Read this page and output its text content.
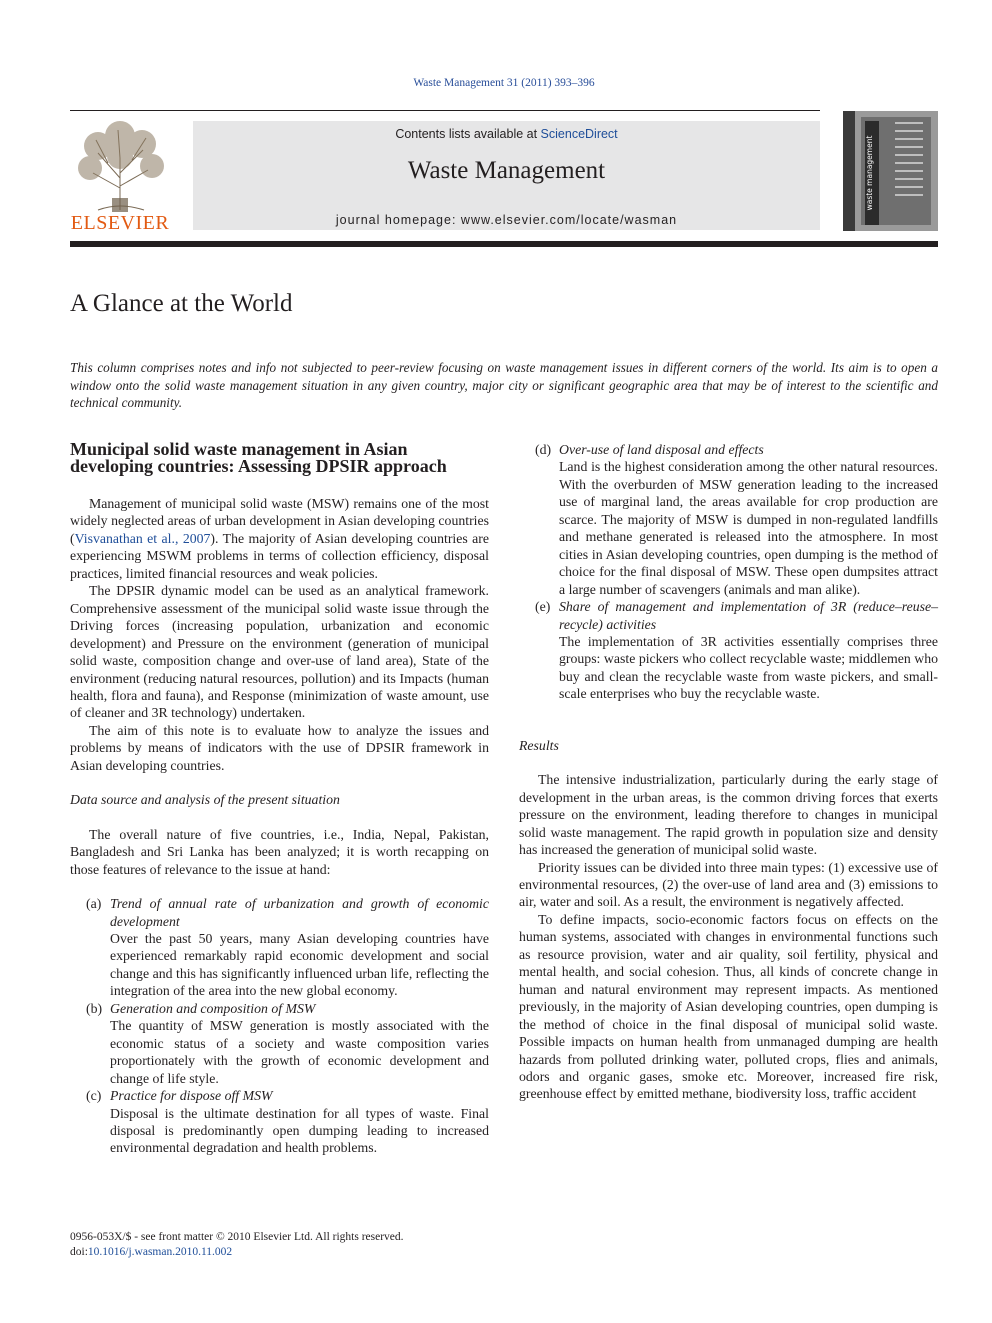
Waste Management 31 (2011) 393–396
ELSEVIER
Contents lists available at ScienceDirect
Waste Management
journal homepage: www.elsevier.com/locate/wasman
waste management
A Glance at the World
This column comprises notes and info not subjected to peer-review focusing on waste management issues in different corners of the world. Its aim is to open a window onto the solid waste management situation in any given country, major city or significant geographic area that may be of interest to the scientific and technical community.
Municipal solid waste management in Asian developing countries: Assessing DPSIR approach

Management of municipal solid waste (MSW) remains one of the most widely neglected areas of urban development in Asian developing countries (Visvanathan et al., 2007). The majority of Asian developing countries are experiencing MSWM problems in terms of collection efficiency, disposal practices, limited financial resources and weak policies.

The DPSIR dynamic model can be used as an analytical framework. Comprehensive assessment of the municipal solid waste issue through the Driving forces (increasing population, urbanization and economic development) and Pressure on the environment (generation of municipal solid waste, composition change and over-use of land area), State of the environment (reducing natural resources, pollution) and its Impacts (human health, flora and fauna), and Response (minimization of waste amount, use of cleaner and 3R technology) undertaken.

The aim of this note is to evaluate how to analyze the issues and problems by means of indicators with the use of DPSIR framework in Asian developing countries.

Data source and analysis of the present situation

The overall nature of five countries, i.e., India, Nepal, Pakistan, Bangladesh and Sri Lanka has been analyzed; it is worth recapping on those features of relevance to the issue at hand:

(a) Trend of annual rate of urbanization and growth of economic development
Over the past 50 years, many Asian developing countries have experienced remarkably rapid economic development and social change and this has significantly influenced urban life, reflecting the integration of the area into the new global economy.
(b) Generation and composition of MSW
The quantity of MSW generation is mostly associated with the economic status of a society and waste composition varies proportionately with the growth of economic development and change of life style.
(c) Practice for dispose off MSW
Disposal is the ultimate destination for all types of waste. Final disposal is predominantly open dumping leading to increased environmental degradation and health problems.
(d) Over-use of land disposal and effects
Land is the highest consideration among the other natural resources. With the overburden of MSW generation leading to the increased use of marginal land, the areas available for crop production are scarce. The majority of MSW is dumped in non-regulated landfills and methane generated is released into the atmosphere. In most cities in Asian developing countries, open dumping is the method of choice for the final disposal of MSW. These open dumpsites attract a large number of scavengers (animals and man alike).
(e) Share of management and implementation of 3R (reduce–reuse–recycle) activities
The implementation of 3R activities essentially comprises three groups: waste pickers who collect recyclable waste; middlemen who buy and clean the recyclable waste from waste pickers, and small-scale enterprises who buy the recyclable waste.
Results

The intensive industrialization, particularly during the early stage of development in the urban areas, is the common driving forces that exerts pressure on the environment, leading therefore to changes in municipal solid waste management. The rapid growth in population size and density has increased the generation of municipal solid waste.

Priority issues can be divided into three main types: (1) excessive use of environmental resources, (2) the over-use of land area and (3) emissions to air, water and soil. As a result, the environment is negatively affected.

To define impacts, socio-economic factors focus on effects on the human systems, associated with changes in environmental functions such as resource provision, water and air quality, soil fertility, physical and mental health, and social cohesion. Thus, all kinds of concrete change in human and natural environment may represent impacts. As mentioned previously, in the majority of Asian developing countries, open dumping is the method of choice in the final disposal of municipal solid waste. Possible impacts on human health from unmanaged dumping are health hazards from polluted drinking water, polluted crops, flies and animals, odors and organic gases, smoke etc. Moreover, increased fire risk, greenhouse effect by emitted methane, biodiversity loss, traffic accident

0956-053X/$ - see front matter © 2010 Elsevier Ltd. All rights reserved.
doi:10.1016/j.wasman.2010.11.002
